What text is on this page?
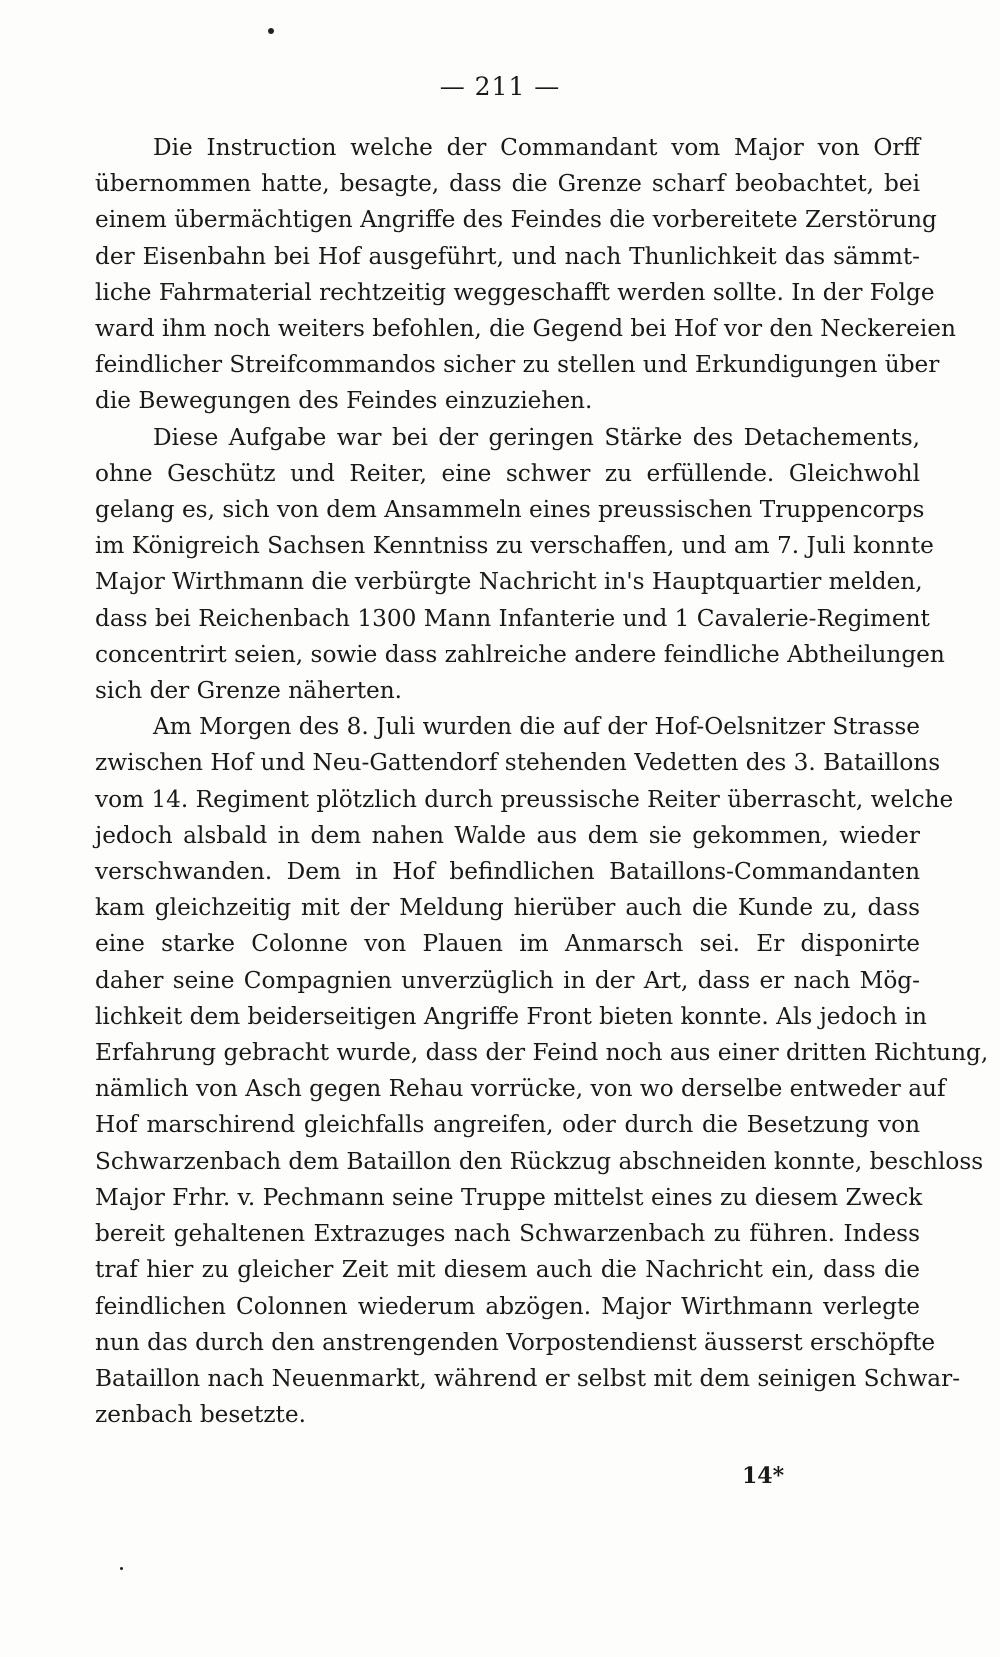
— 211 —
Die Instruction welche der Commandant vom Major von Orff
übernommen hatte, besagte, dass die Grenze scharf beobachtet, bei
einem übermächtigen Angriffe des Feindes die vorbereitete Zerstörung
der Eisenbahn bei Hof ausgeführt, und nach Thunlichkeit das sämmt-
liche Fahrmaterial rechtzeitig weggeschafft werden sollte. In der Folge
ward ihm noch weiters befohlen, die Gegend bei Hof vor den Neckereien
feindlicher Streifcommandos sicher zu stellen und Erkundigungen über
die Bewegungen des Feindes einzuziehen.
Diese Aufgabe war bei der geringen Stärke des Detachements,
ohne Geschütz und Reiter, eine schwer zu erfüllende. Gleichwohl
gelang es, sich von dem Ansammeln eines preussischen Truppencorps
im Königreich Sachsen Kenntniss zu verschaffen, und am 7. Juli konnte
Major Wirthmann die verbürgte Nachricht in's Hauptquartier melden,
dass bei Reichenbach 1300 Mann Infanterie und 1 Cavalerie-Regiment
concentrirt seien, sowie dass zahlreiche andere feindliche Abtheilungen
sich der Grenze näherten.
Am Morgen des 8. Juli wurden die auf der Hof-Oelsnitzer Strasse
zwischen Hof und Neu-Gattendorf stehenden Vedetten des 3. Bataillons
vom 14. Regiment plötzlich durch preussische Reiter überrascht, welche
jedoch alsbald in dem nahen Walde aus dem sie gekommen, wieder
verschwanden. Dem in Hof befindlichen Bataillons-Commandanten
kam gleichzeitig mit der Meldung hierüber auch die Kunde zu, dass
eine starke Colonne von Plauen im Anmarsch sei. Er disponirte
daher seine Compagnien unverzüglich in der Art, dass er nach Mög-
lichkeit dem beiderseitigen Angriffe Front bieten konnte. Als jedoch in
Erfahrung gebracht wurde, dass der Feind noch aus einer dritten Richtung,
nämlich von Asch gegen Rehau vorrücke, von wo derselbe entweder auf
Hof marschirend gleichfalls angreifen, oder durch die Besetzung von
Schwarzenbach dem Bataillon den Rückzug abschneiden konnte, beschloss
Major Frhr. v. Pechmann seine Truppe mittelst eines zu diesem Zweck
bereit gehaltenen Extrazuges nach Schwarzenbach zu führen. Indess
traf hier zu gleicher Zeit mit diesem auch die Nachricht ein, dass die
feindlichen Colonnen wiederum abzögen. Major Wirthmann verlegte
nun das durch den anstrengenden Vorpostendienst äusserst erschöpfte
Bataillon nach Neuenmarkt, während er selbst mit dem seinigen Schwar-
zenbach besetzte.
14*
